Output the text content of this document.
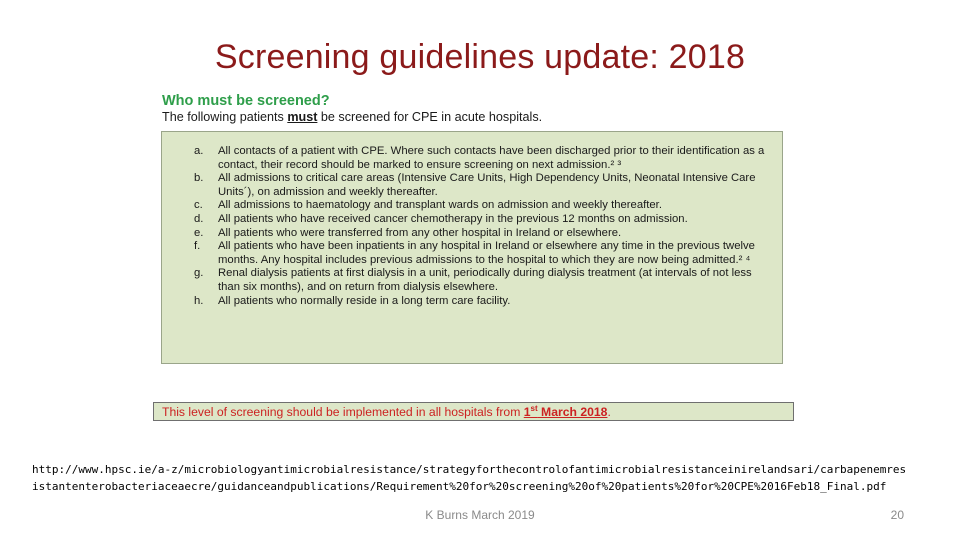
Screening guidelines update: 2018
Who must be screened?
The following patients must be screened for CPE in acute hospitals.
a.	All contacts of a patient with CPE. Where such contacts have been discharged prior to their identification as a contact, their record should be marked to ensure screening on next admission.² ³
b.	All admissions to critical care areas (Intensive Care Units, High Dependency Units, Neonatal Intensive Care Units´), on admission and weekly thereafter.
c.	All admissions to haematology and transplant wards on admission and weekly thereafter.
d.	All patients who have received cancer chemotherapy in the previous 12 months on admission.
e.	All patients who were transferred from any other hospital in Ireland or elsewhere.
f.	All patients who have been inpatients in any hospital in Ireland or elsewhere any time in the previous twelve months. Any hospital includes previous admissions to the hospital to which they are now being admitted.² ⁴
g.	Renal dialysis patients at first dialysis in a unit, periodically during dialysis treatment (at intervals of not less than six months), and on return from dialysis elsewhere.
h.	All patients who normally reside in a long term care facility.
This level of screening should be implemented in all hospitals from 1st March 2018.
http://www.hpsc.ie/a-z/microbiologyantimicrobialresistance/strategyforthecontrolofantimicrobialresistanceinirelandsari/carbapenemresistantenterobacteriaceaecre/guidanceandpublications/Requirement%20for%20screening%20of%20patients%20for%20CPE%2016Feb18_Final.pdf
K Burns March 2019	20
